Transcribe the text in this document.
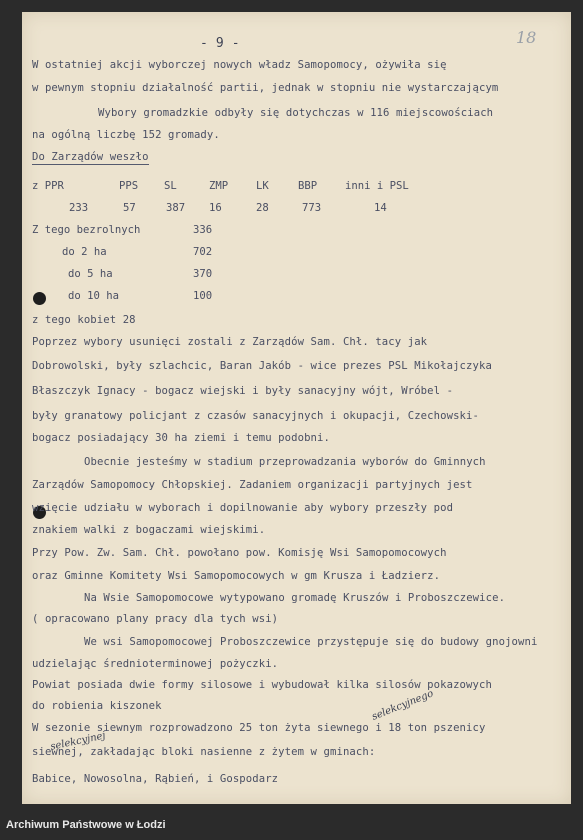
- 9 -	18
W ostatniej akcji wyborczej nowych władz Samopomocy, ożywiła się
w pewnym stopniu działalność partii, jednak w stopniu nie wystarczającym
Wybory gromadzkie odbyły się dotychczas w 116 miejscowościach
na ogólną liczbę 152 gromady.
Do Zarządów weszło
z PPR	PPS SL	ZMP	LK	BBP	inni i PSL
233	57	387 16	28	773	14
Z tego bezrolnych	336
do 2 ha	702
do 5 ha	370
do 10 ha	100
z tego kobiet 28
Poprzez wybory usunięci zostali z Zarządów Sam. Chł. tacy jak
Dobrowolski, były szlachcic, Baran Jakób - wice prezes PSL Mikołajczyka
Błaszczyk Ignacy - bogacz wiejski i były sanacyjny wójt, Wróbel -
były granatowy policjant z czasów sanacyjnych i okupacji, Czechowski-
bogacz posiadający 30 ha ziemi i temu podobni.
Obecnie jesteśmy w stadium przeprowadzania wyborów do Gminnych
Zarządów Samopomocy Chłopskiej. Zadaniem organizacji partyjnych jest
wzięcie udziału w wyborach i dopilnowanie aby wybory przeszły pod
znakiem walki z bogaczami wiejskimi.
Przy Pow. Zw. Sam. Chł. powołano pow. Komisję Wsi Samopomocowych
oraz Gminne Komitety Wsi Samopomocowych w gm Krusza i Ładzierz.
Na Wsie Samopomocowe wytypowano gromadę Kruszów i Proboszczewice.
( opracowano plany pracy dla tych wsi)
We wsi Samopomocowej Proboszczewice przystępuje się do budowy gnojowni
udzielając średnioterminowej pożyczki.
Powiat posiada dwie formy silosowe i wybudował kilka silosów pokazowych
do robienia kiszonek	selekcyjnego
W sezonie siewnym rozprowadzono 25 ton żyta siewnego i 18 ton pszenicy
selekcyjnej
siewnej, zakładając bloki nasienne z żytem w gminach:
Babice, Nowosolna, Rąbień, i Gospodarz
Archiwum Państwowe w Łodzi
